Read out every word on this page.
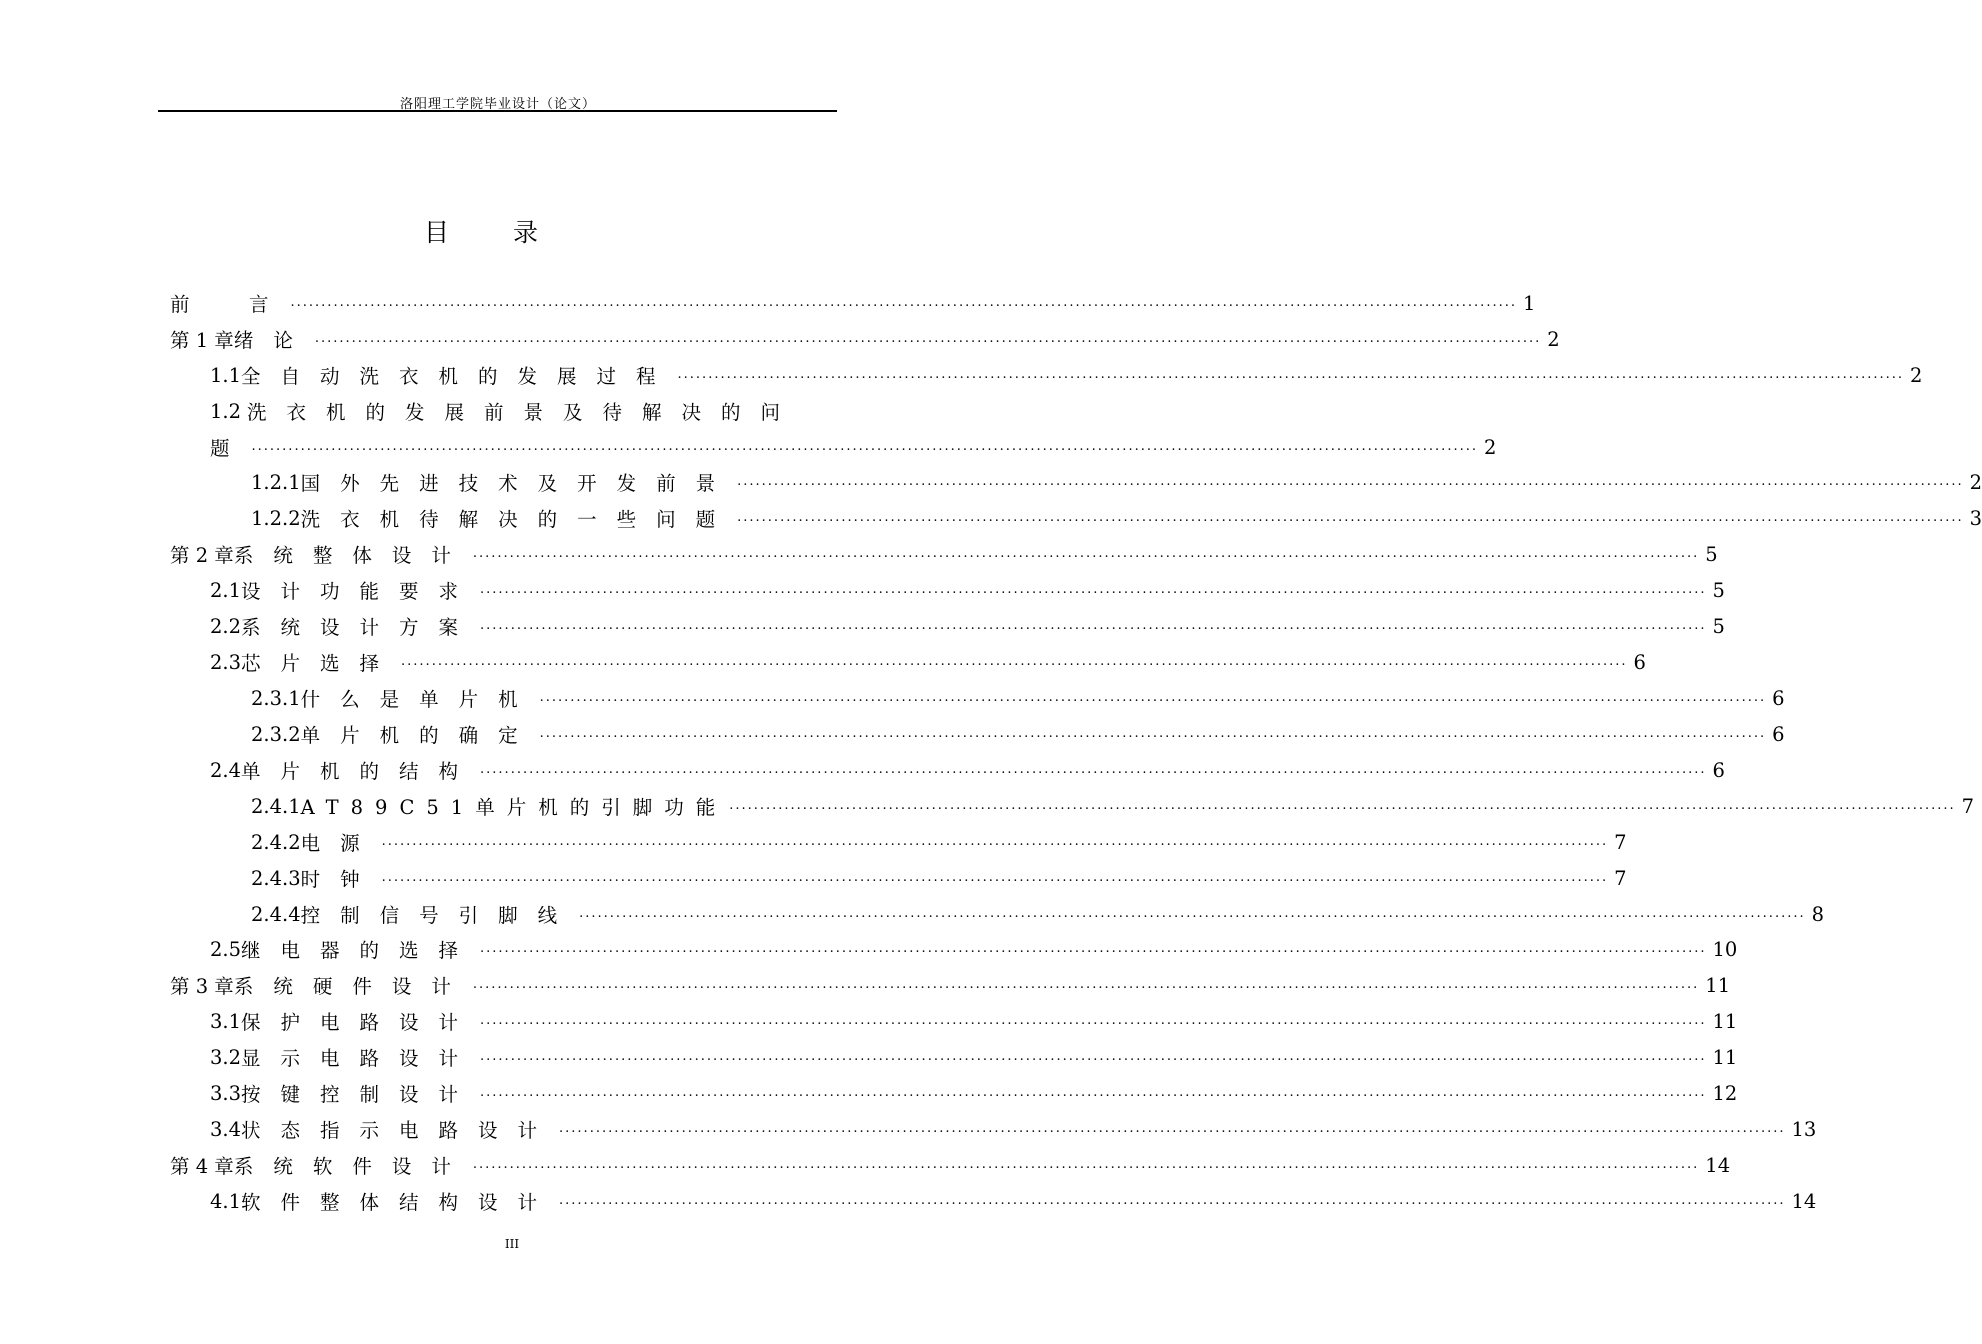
洛阳理工学院毕业设计（论文）
目 录
前　言 ........................................................................................................................................................................................................ 1
第 1 章 绪论 ........................................................................................................................................................................................................ 2
1.1 全自动洗衣机的发展过程 ........................................................................................................................................................................................................ 2
1.2 洗衣机的发展前景及待解决的问
题 ........................................................................................................................................................................................................ 2
1.2.1 国外先进技术及开发前景 ........................................................................................................................................................................................................ 2
1.2.2 洗衣机待解决的一些问题 ........................................................................................................................................................................................................ 3
第 2 章 系统整体设计 ........................................................................................................................................................................................................ 5
2.1 设计功能要求 ........................................................................................................................................................................................................ 5
2.2 系统设计方案 ........................................................................................................................................................................................................ 5
2.3 芯片选择 ........................................................................................................................................................................................................ 6
2.3.1 什么是单片机 ........................................................................................................................................................................................................ 6
2.3.2 单片机的确定 ........................................................................................................................................................................................................ 6
2.4 单片机的结构 ........................................................................................................................................................................................................ 6
2.4.1 AT89C51单片机的引脚功能 ........................................................................................................................................................................................................ 7
2.4.2 电源 ........................................................................................................................................................................................................ 7
2.4.3 时钟 ........................................................................................................................................................................................................ 7
2.4.4 控制信号引脚线 ........................................................................................................................................................................................................ 8
2.5 继电器的选择 ........................................................................................................................................................................................................ 10
第 3 章 系统硬件设计 ........................................................................................................................................................................................................ 11
3.1 保护电路设计 ........................................................................................................................................................................................................ 11
3.2 显示电路设计 ........................................................................................................................................................................................................ 11
3.3 按键控制设计 ........................................................................................................................................................................................................ 12
3.4 状态指示电路设计 ........................................................................................................................................................................................................ 13
第 4 章 系统软件设计 ........................................................................................................................................................................................................ 14
4.1 软件整体结构设计 ........................................................................................................................................................................................................ 14
III
